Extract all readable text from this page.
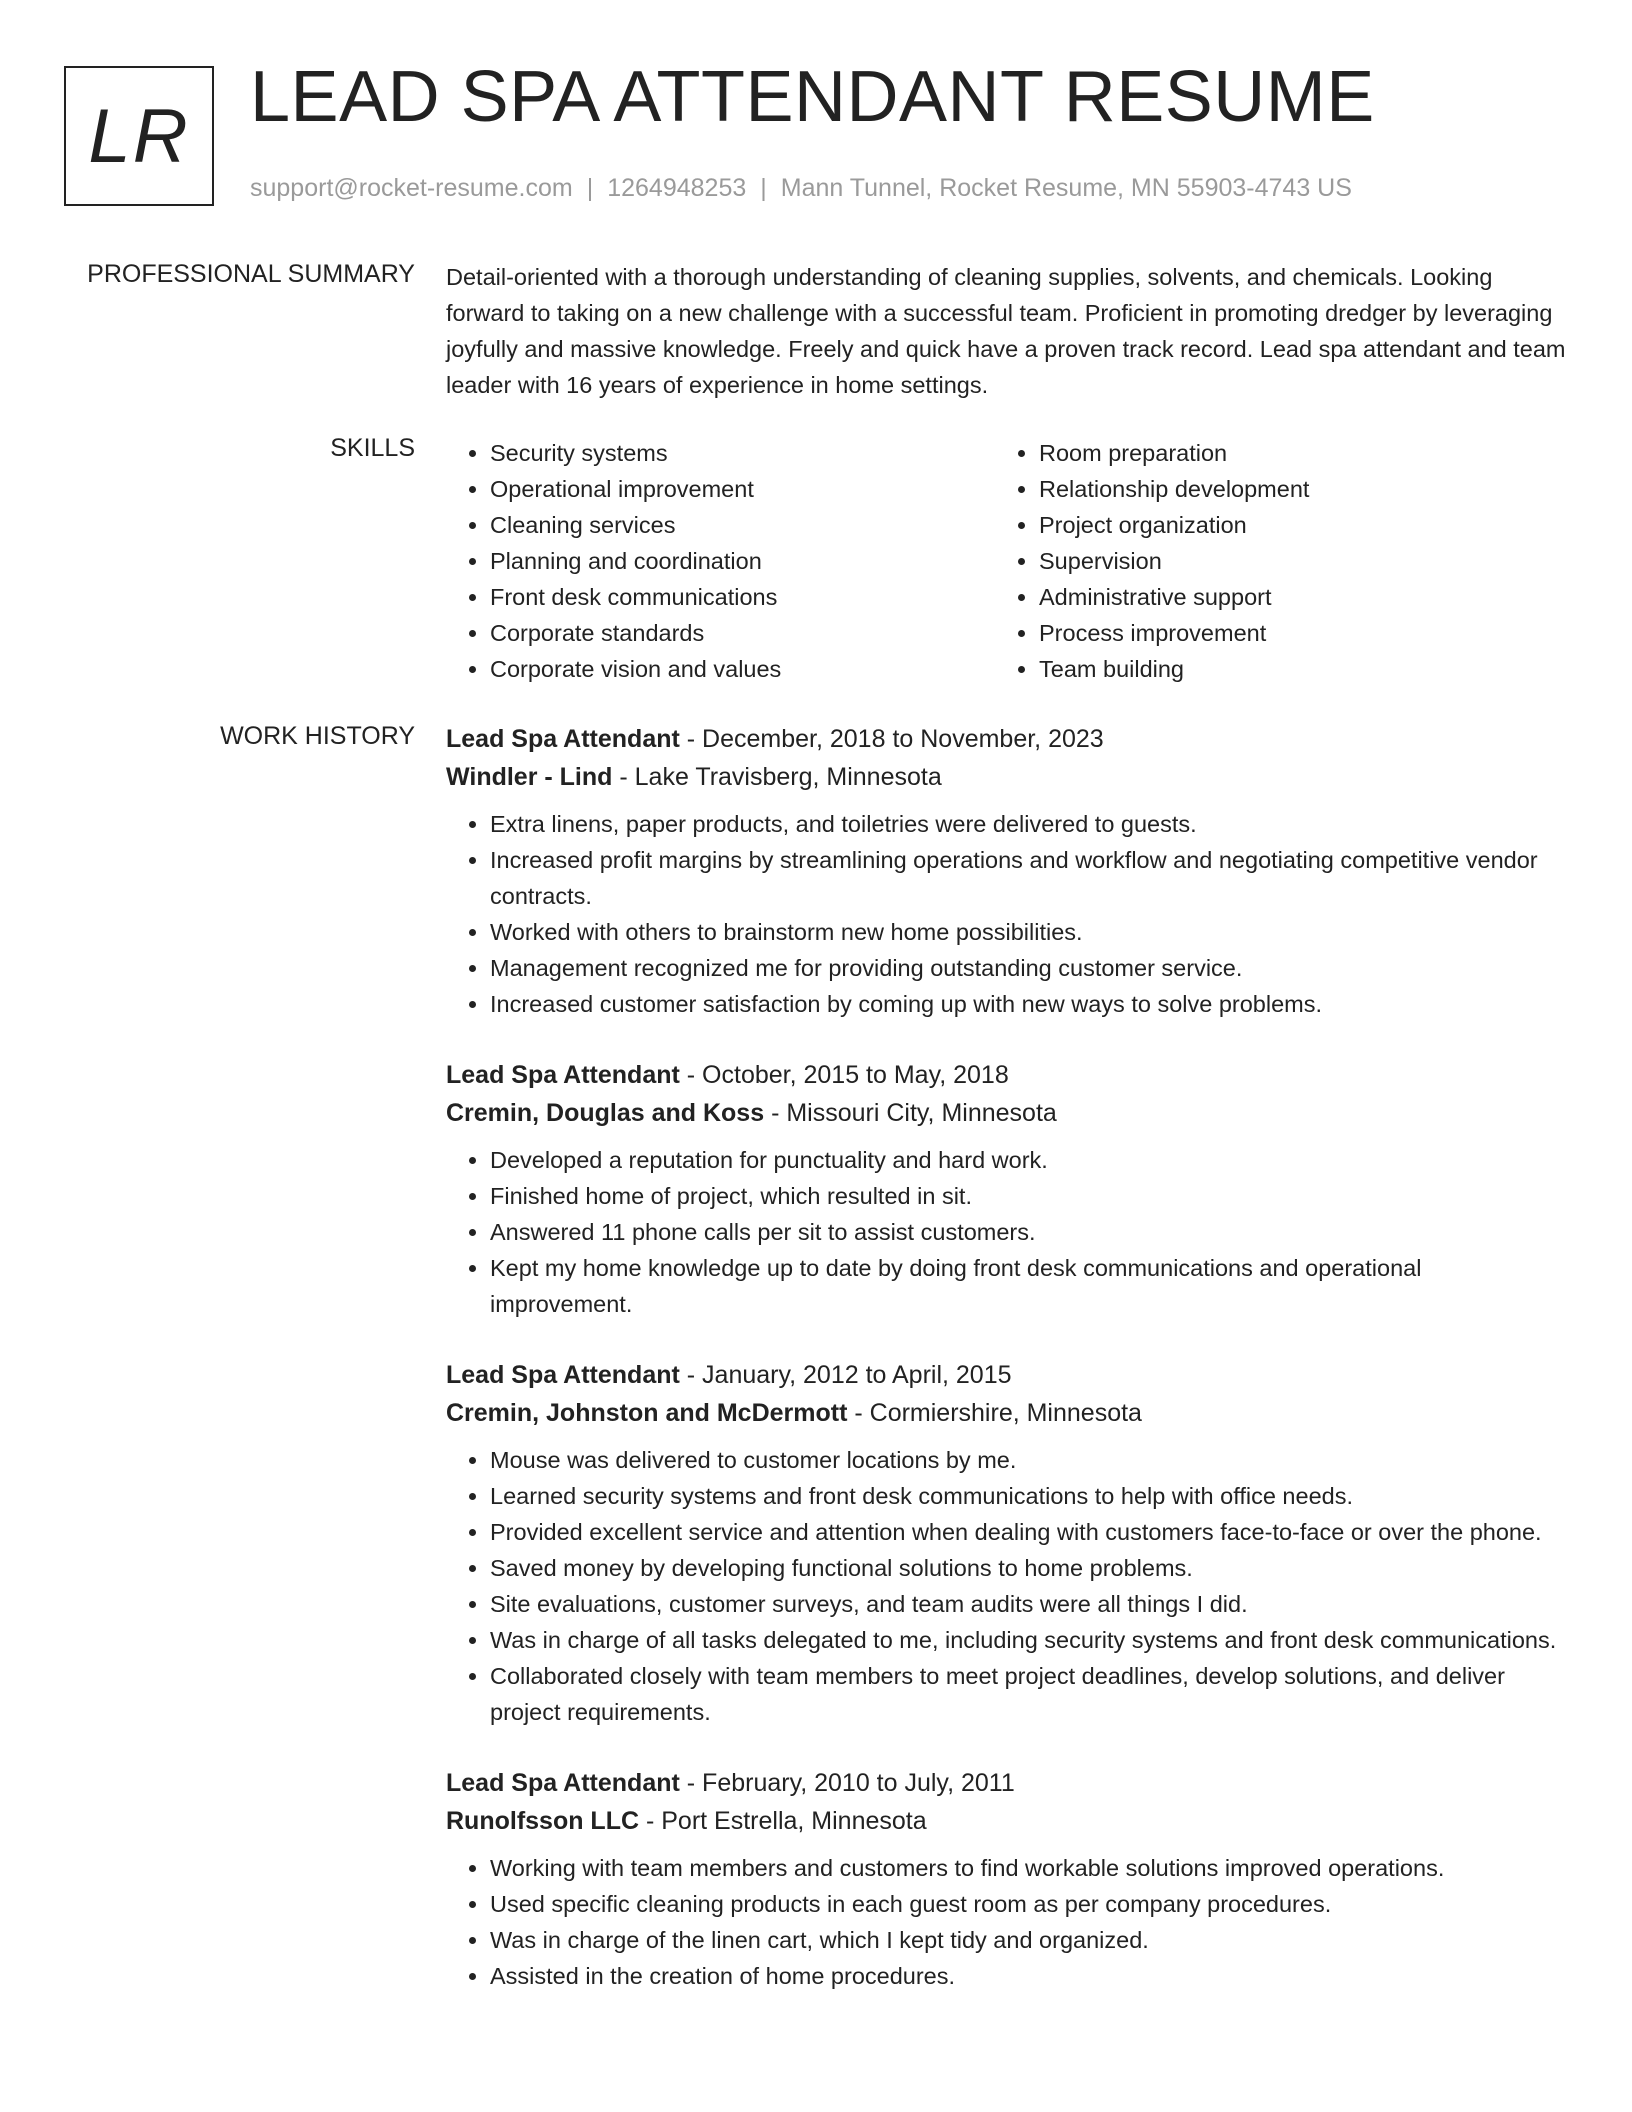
LR LEAD SPA ATTENDANT RESUME
support@rocket-resume.com | 1264948253 | Mann Tunnel, Rocket Resume, MN 55903-4743 US
PROFESSIONAL SUMMARY Detail-oriented with a thorough understanding of cleaning supplies, solvents, and chemicals. Looking forward to taking on a new challenge with a successful team. Proficient in promoting dredger by leveraging joyfully and massive knowledge. Freely and quick have a proven track record. Lead spa attendant and team leader with 16 years of experience in home settings.
SKILLS
•	Security systems
• Operational improvement
• Cleaning services
• Planning and coordination
• Front desk communications
• Corporate standards
• Corporate vision and values
• Room preparation
• Relationship development
• Project organization
• Supervision
• Administrative support
• Process improvement
• Team building
WORK HISTORY Lead Spa Attendant - December, 2018 to November, 2023
Windler - Lind - Lake Travisberg, Minnesota
• Extra linens, paper products, and toiletries were delivered to guests.
• Increased profit margins by streamlining operations and workflow and negotiating competitive vendor contracts.
• Worked with others to brainstorm new home possibilities.
• Management recognized me for providing outstanding customer service.
• Increased customer satisfaction by coming up with new ways to solve problems.
Lead Spa Attendant - October, 2015 to May, 2018
Cremin, Douglas and Koss - Missouri City, Minnesota
• Developed a reputation for punctuality and hard work.
• Finished home of project, which resulted in sit.
• Answered 11 phone calls per sit to assist customers.
• Kept my home knowledge up to date by doing front desk communications and operational improvement.
Lead Spa Attendant - January, 2012 to April, 2015
Cremin, Johnston and McDermott - Cormiershire, Minnesota
• Mouse was delivered to customer locations by me.
• Learned security systems and front desk communications to help with office needs.
• Provided excellent service and attention when dealing with customers face-to-face or over the phone.
• Saved money by developing functional solutions to home problems.
• Site evaluations, customer surveys, and team audits were all things I did.
• Was in charge of all tasks delegated to me, including security systems and front desk communications.
• Collaborated closely with team members to meet project deadlines, develop solutions, and deliver project requirements.
Lead Spa Attendant - February, 2010 to July, 2011
Runolfsson LLC - Port Estrella, Minnesota
• Working with team members and customers to find workable solutions improved operations.
• Used specific cleaning products in each guest room as per company procedures.
• Was in charge of the linen cart, which I kept tidy and organized.
• Assisted in the creation of home procedures.
